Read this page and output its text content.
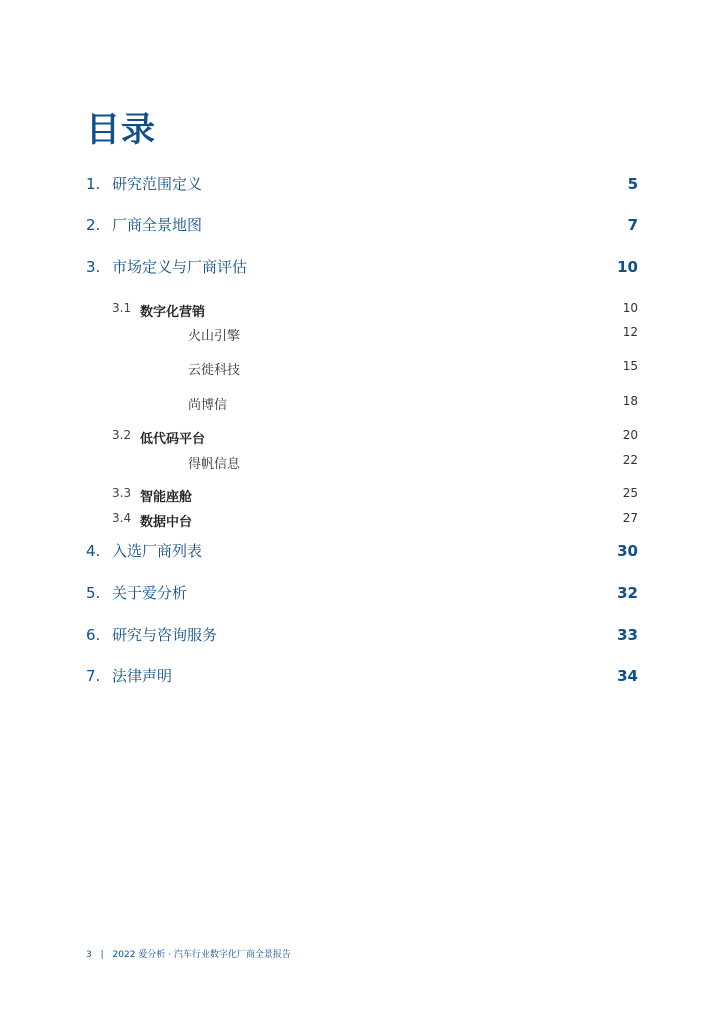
目录
1. 研究范围定义	5
2. 厂商全景地图	7
3. 市场定义与厂商评估	10
3.1 数字化营销	10
火山引擎	12
云徙科技	15
尚博信	18
3.2 低代码平台	20
得帆信息	22
3.3 智能座舱	25
3.4 数据中台	27
4. 入选厂商列表	30
5. 关于爱分析	32
6. 研究与咨询服务	33
7. 法律声明	34
3 | 2022 爱分析 · 汽车行业数字化厂商全景报告
